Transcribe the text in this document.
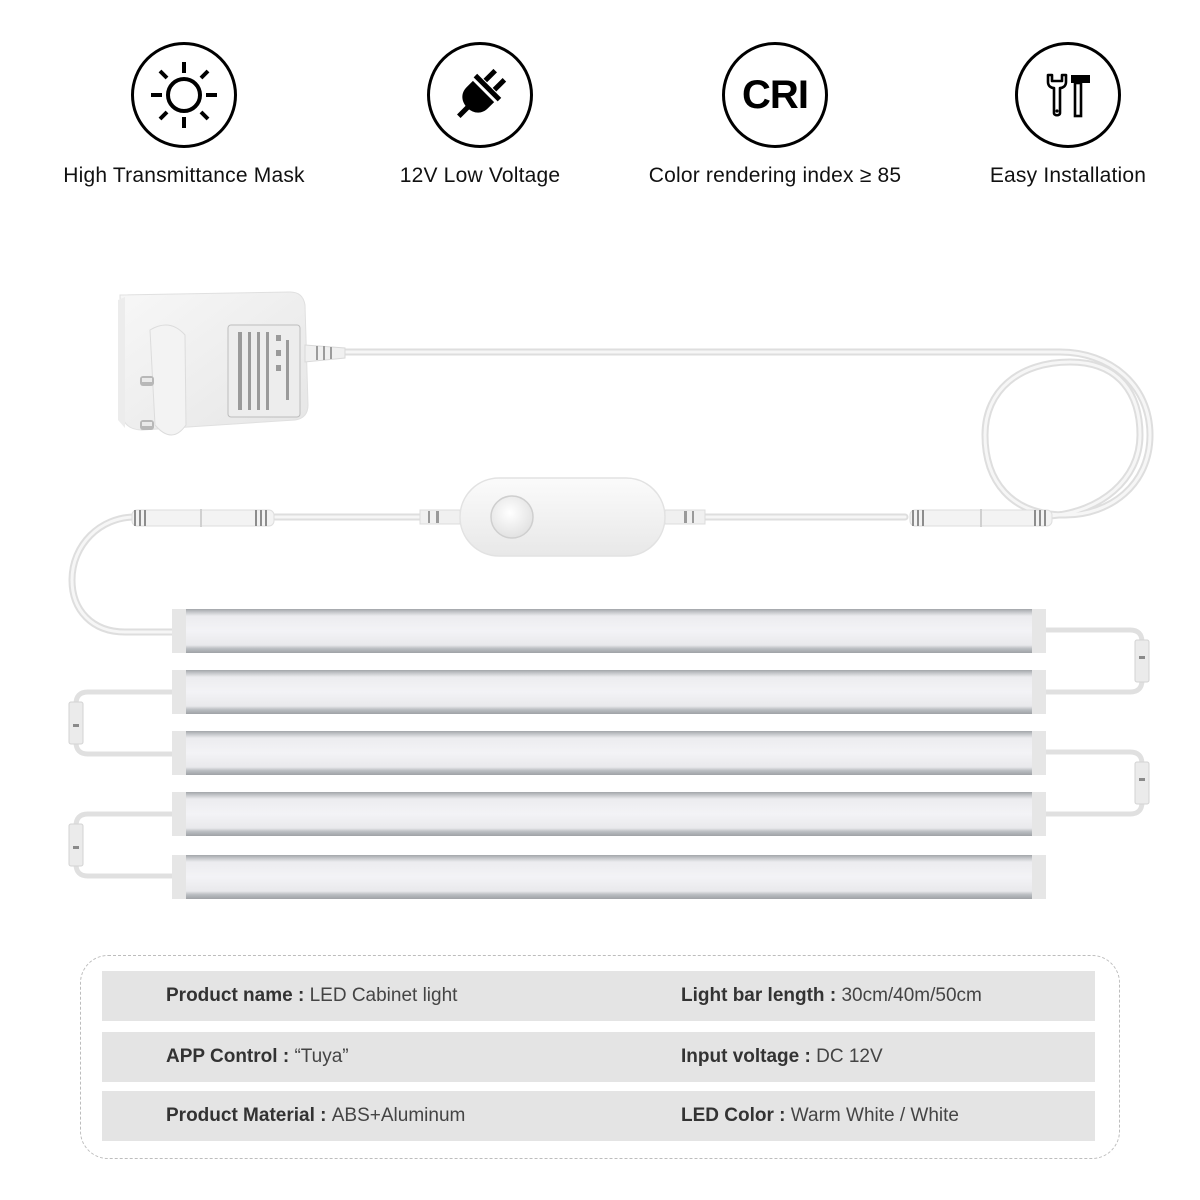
High Transmittance Mask	12V Low Voltage
CRI
Color rendering index ≥ 85	Easy Installation
Product name : LED Cabinet light	Light bar length : 30cm/40m/50cm
APP Control : “Tuya”	Input voltage : DC 12V
Product Material : ABS+Aluminum	LED Color : Warm White / White
